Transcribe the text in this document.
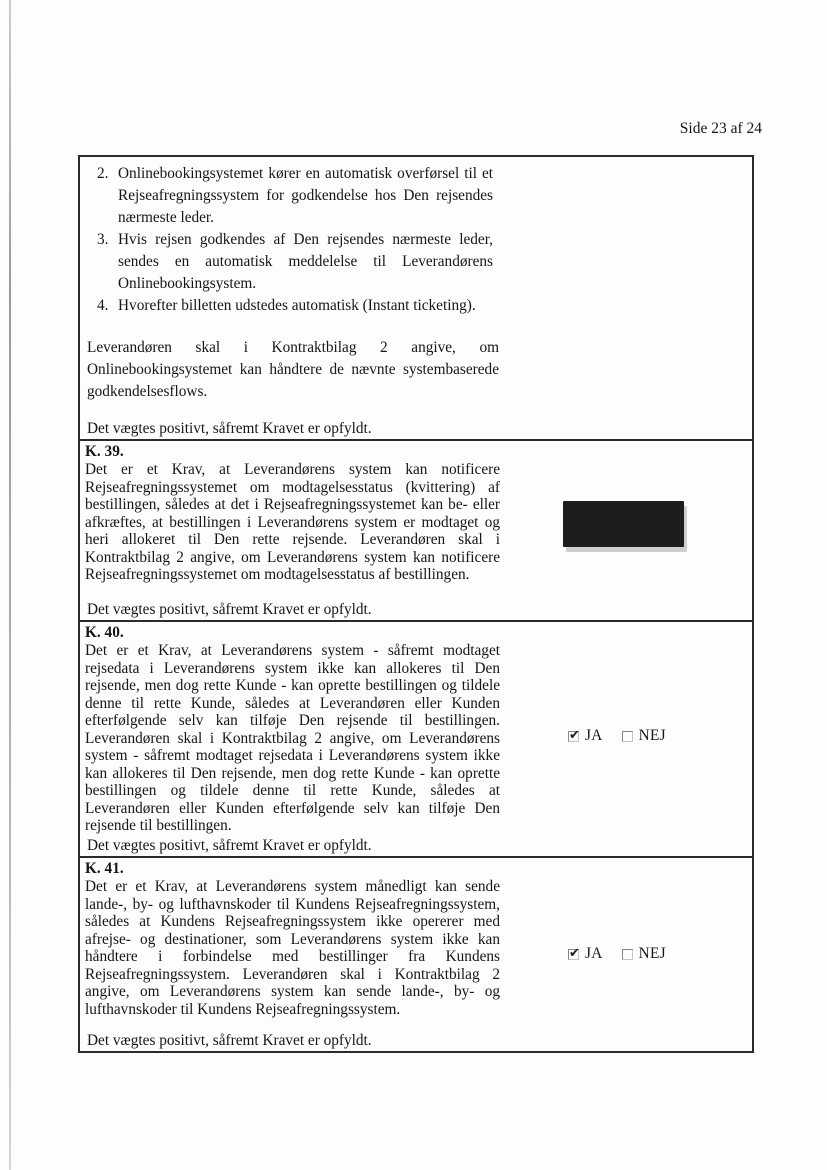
Side 23 af 24
2. Onlinebookingsystemet kører en automatisk overførsel til et Rejseafregningssystem for godkendelse hos Den rejsendes nærmeste leder.
3. Hvis rejsen godkendes af Den rejsendes nærmeste leder, sendes en automatisk meddelelse til Leverandørens Onlinebookingsystem.
4. Hvorefter billetten udstedes automatisk (Instant ticketing).

Leverandøren skal i Kontraktbilag 2 angive, om Onlinebookingsystemet kan håndtere de nævnte systembaserede godkendelsesflows.

Det vægtes positivt, såfremt Kravet er opfyldt.

K. 39.

Det er et Krav, at Leverandørens system kan notificere Rejseafregningssystemet om modtagelsesstatus (kvittering) af bestillingen, således at det i Rejseafregningssystemet kan be- eller afkræftes, at bestillingen i Leverandørens system er modtaget og heri allokeret til Den rette rejsende. Leverandøren skal i Kontraktbilag 2 angive, om Leverandørens system kan notificere Rejseafregningssystemet om modtagelsesstatus af bestillingen.

Det vægtes positivt, såfremt Kravet er opfyldt.

K. 40.

Det er et Krav, at Leverandørens system - såfremt modtaget rejsedata i Leverandørens system ikke kan allokeres til Den rejsende, men dog rette Kunde - kan oprette bestillingen og tildele denne til rette Kunde, således at Leverandøren eller Kunden efterfølgende selv kan tilføje Den rejsende til bestillingen. Leverandøren skal i Kontraktbilag 2 angive, om Leverandørens system - såfremt modtaget rejsedata i Leverandørens system ikke kan allokeres til Den rejsende, men dog rette Kunde - kan oprette bestillingen og tildele denne til rette Kunde, således at Leverandøren eller Kunden efterfølgende selv kan tilføje Den rejsende til bestillingen.

Det vægtes positivt, såfremt Kravet er opfyldt.

✔ JA NEJ
K. 41.

Det er et Krav, at Leverandørens system månedligt kan sende lande-, by- og lufthavnskoder til Kundens Rejseafregningssystem, således at Kundens Rejseafregningssystem ikke opererer med afrejse- og destinationer, som Leverandørens system ikke kan håndtere i forbindelse med bestillinger fra Kundens Rejseafregningssystem. Leverandøren skal i Kontraktbilag 2 angive, om Leverandørens system kan sende lande-, by- og lufthavnskoder til Kundens Rejseafregningssystem.

Det vægtes positivt, såfremt Kravet er opfyldt.

✔ JA NEJ
